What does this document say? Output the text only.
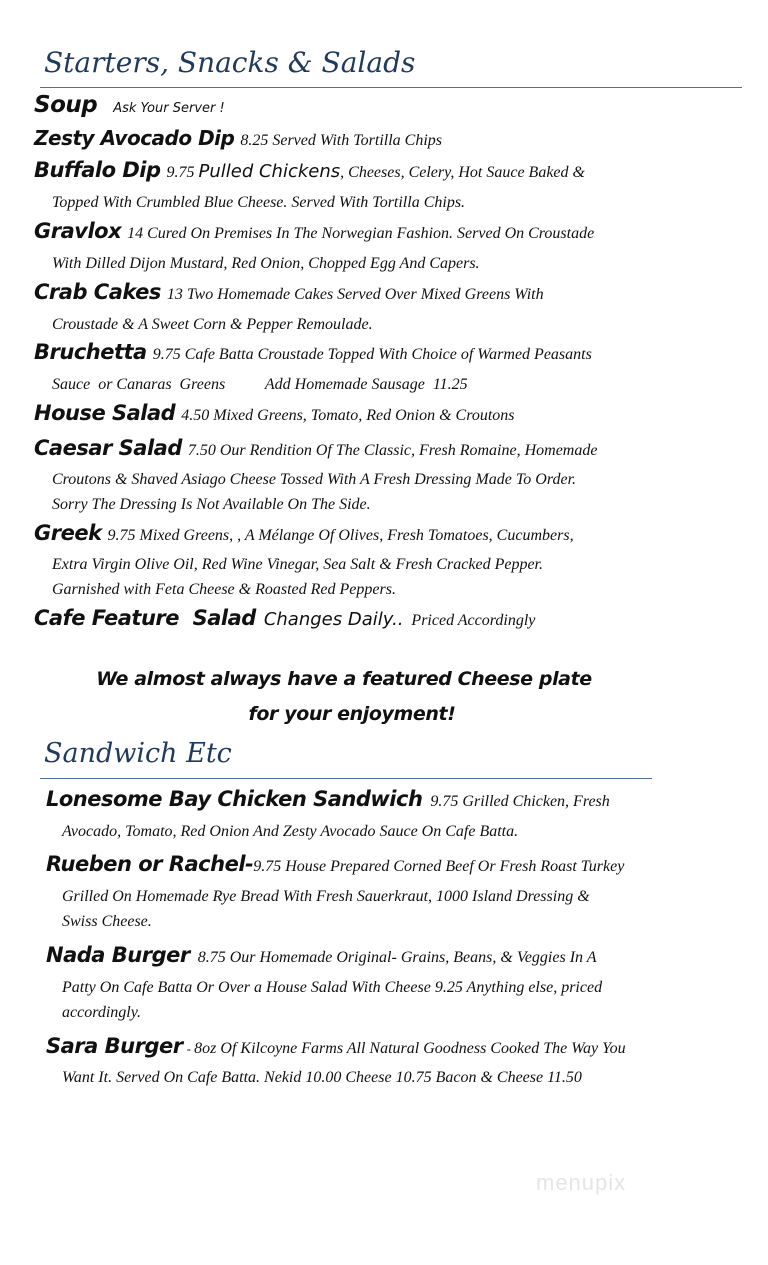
Starters, Snacks & Salads
Soup Ask Your Server !
Zesty Avocado Dip 8.25 Served With Tortilla Chips
Buffalo Dip 9.75 Pulled Chickens, Cheeses, Celery, Hot Sauce Baked &
Topped With Crumbled Blue Cheese. Served With Tortilla Chips.
Gravlox 14 Cured On Premises In The Norwegian Fashion. Served On Croustade
With Dilled Dijon Mustard, Red Onion, Chopped Egg And Capers.
Crab Cakes 13 Two Homemade Cakes Served Over Mixed Greens With
Croustade & A Sweet Corn & Pepper Remoulade.
Bruchetta 9.75 Cafe Batta Croustade Topped With Choice of Warmed Peasants
Sauce  or Canaras  Greens          Add Homemade Sausage  11.25
House Salad 4.50 Mixed Greens, Tomato, Red Onion & Croutons
Caesar Salad 7.50 Our Rendition Of The Classic, Fresh Romaine, Homemade
Croutons & Shaved Asiago Cheese Tossed With A Fresh Dressing Made To Order.
Sorry The Dressing Is Not Available On The Side.
Greek 9.75 Mixed Greens, , A Mélange Of Olives, Fresh Tomatoes, Cucumbers,
Extra Virgin Olive Oil, Red Wine Vinegar, Sea Salt & Fresh Cracked Pepper.
Garnished with Feta Cheese & Roasted Red Peppers.
Cafe Feature  Salad Changes Daily..  Priced Accordingly
We almost always have a featured Cheese plate
for your enjoyment!
Sandwich Etc
Lonesome Bay Chicken Sandwich 9.75 Grilled Chicken, Fresh
Avocado, Tomato, Red Onion And Zesty Avocado Sauce On Cafe Batta.
Rueben or Rachel-9.75 House Prepared Corned Beef Or Fresh Roast Turkey
Grilled On Homemade Rye Bread With Fresh Sauerkraut, 1000 Island Dressing &
Swiss Cheese.
Nada Burger 8.75 Our Homemade Original- Grains, Beans, & Veggies In A
Patty On Cafe Batta Or Over a House Salad With Cheese 9.25 Anything else, priced
accordingly.
Sara Burger - 8oz Of Kilcoyne Farms All Natural Goodness Cooked The Way You
Want It. Served On Cafe Batta. Nekid 10.00 Cheese 10.75 Bacon & Cheese 11.50
menupix
